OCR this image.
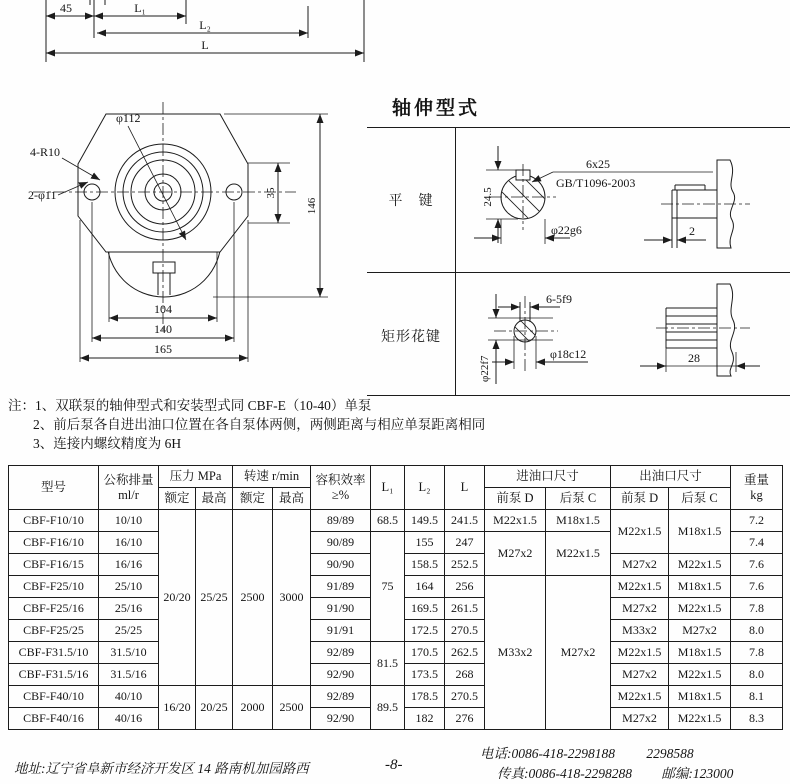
45	L₁
L₂
L
φ112
4-R10
2-φ11	35
146
104
140
165
轴伸型式
平　键
矩形花键
24.5
6x25
GB/T1096-2003
φ22g6	2
6-5f9
φ18c12
φ22f7	28
注：1、双联泵的轴伸型式和安装型式同 CBF-E（10-40）单泵
2、前后泵各自进出油口位置在各自泵体两侧，两侧距离与相应单泵距离相同
3、连接内螺纹精度为 6H
型号	
公称排量
ml/r
	压力 MPa	转速 r/min	容积效率
≥%
	L₁	L₂	L	进油口尺寸	出油口尺寸	重量
kg

		额定	最高	额定	最高					前泵 D	后泵 C	前泵 D	后泵 C	
CBF-F10/10	10/10	20/20	25/25	2500	3000	89/89	68.5	149.5	241.5	M22x1.5	M18x1.5	M22x1.5	M18x1.5	7.2
CBF-F16/10	16/10					90/89	75	155	247	M27x2	M22x1.5			7.4
CBF-F16/15	16/16					90/90		158.5	252.5			M27x2	M22x1.5	7.6
CBF-F25/10	25/10					91/89		164	256	M33x2	M27x2	M22x1.5	M18x1.5	7.6
CBF-F25/16	25/16					91/90		169.5	261.5			M27x2	M22x1.5	7.8
CBF-F25/25	25/25					91/91		172.5	270.5			M33x2	M27x2	8.0
CBF-F31.5/10	31.5/10					92/89	81.5	170.5	262.5			M22x1.5	M18x1.5	7.8
CBF-F31.5/16	31.5/16					92/90		173.5	268			M27x2	M22x1.5	8.0
CBF-F40/10	40/10	16/20	20/25	2000	2500	92/89	89.5	178.5	270.5			M22x1.5	M18x1.5	8.1
CBF-F40/16	40/16					92/90		182	276			M27x2	M22x1.5	8.3
地址:辽宁省阜新市经济开发区 14 路南机加园路西	-8-
电话:0086-418-2298188 2298588
传真:0086-418-2298288 邮编:123000
